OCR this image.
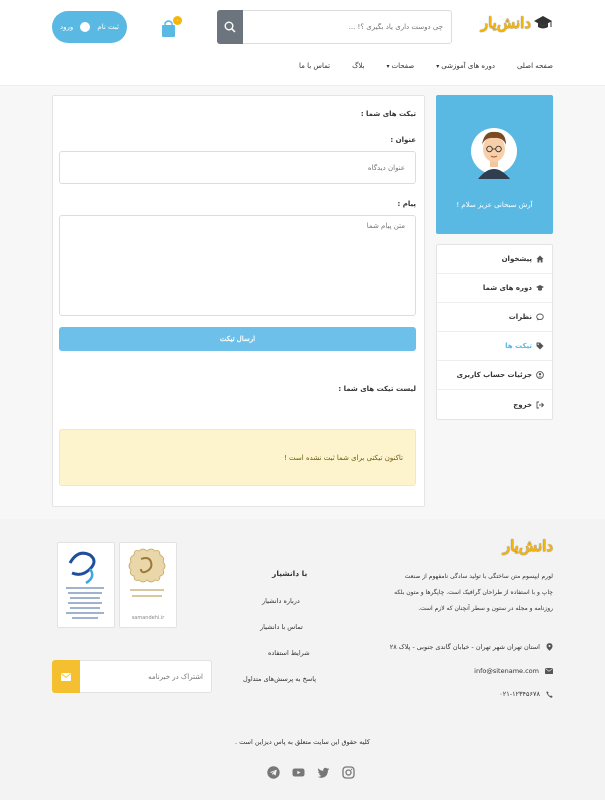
دانش‌یار
چی دوست داری یاد بگیری ؟! ...
۰
ثبت نام
ورود
صفحه اصلی
دوره های آموزشی
▾
صفحات
▾
بلاگ
تماس با ما
آرش سبحانی عزیز سلام !
پیشخوان
دوره های شما
نظرات
تیکت ها
جزئیات حساب کاربری
خروج
تیکت های شما :
عنوان :
عنوان دیدگاه
پیام :
متن پیام شما
ارسال تیکت
لیست تیکت های شما :
تاکنون تیکتی برای شما ثبت نشده است !
دانش‌یار
لورم ایپسوم متن ساختگی با تولید سادگی نامفهوم از صنعت چاپ و با استفاده از طراحان گرافیک است. چاپگرها و متون بلکه روزنامه و مجله در ستون و سطر آنچنان که لازم است.
استان تهران شهر تهران - خیابان گاندی جنوبی - پلاک ۲۸
info@sitename.com
۰۲۱-۱۲۳۴۵۶۷۸
با دانشیار
درباره دانشیار
تماس با دانشیار
شرایط استفاده
پاسخ به پرسش‌های متداول
samandehi.ir
اشتراک در خبرنامه
کلیه حقوق این سایت متعلق به پاس دیزاین است .
